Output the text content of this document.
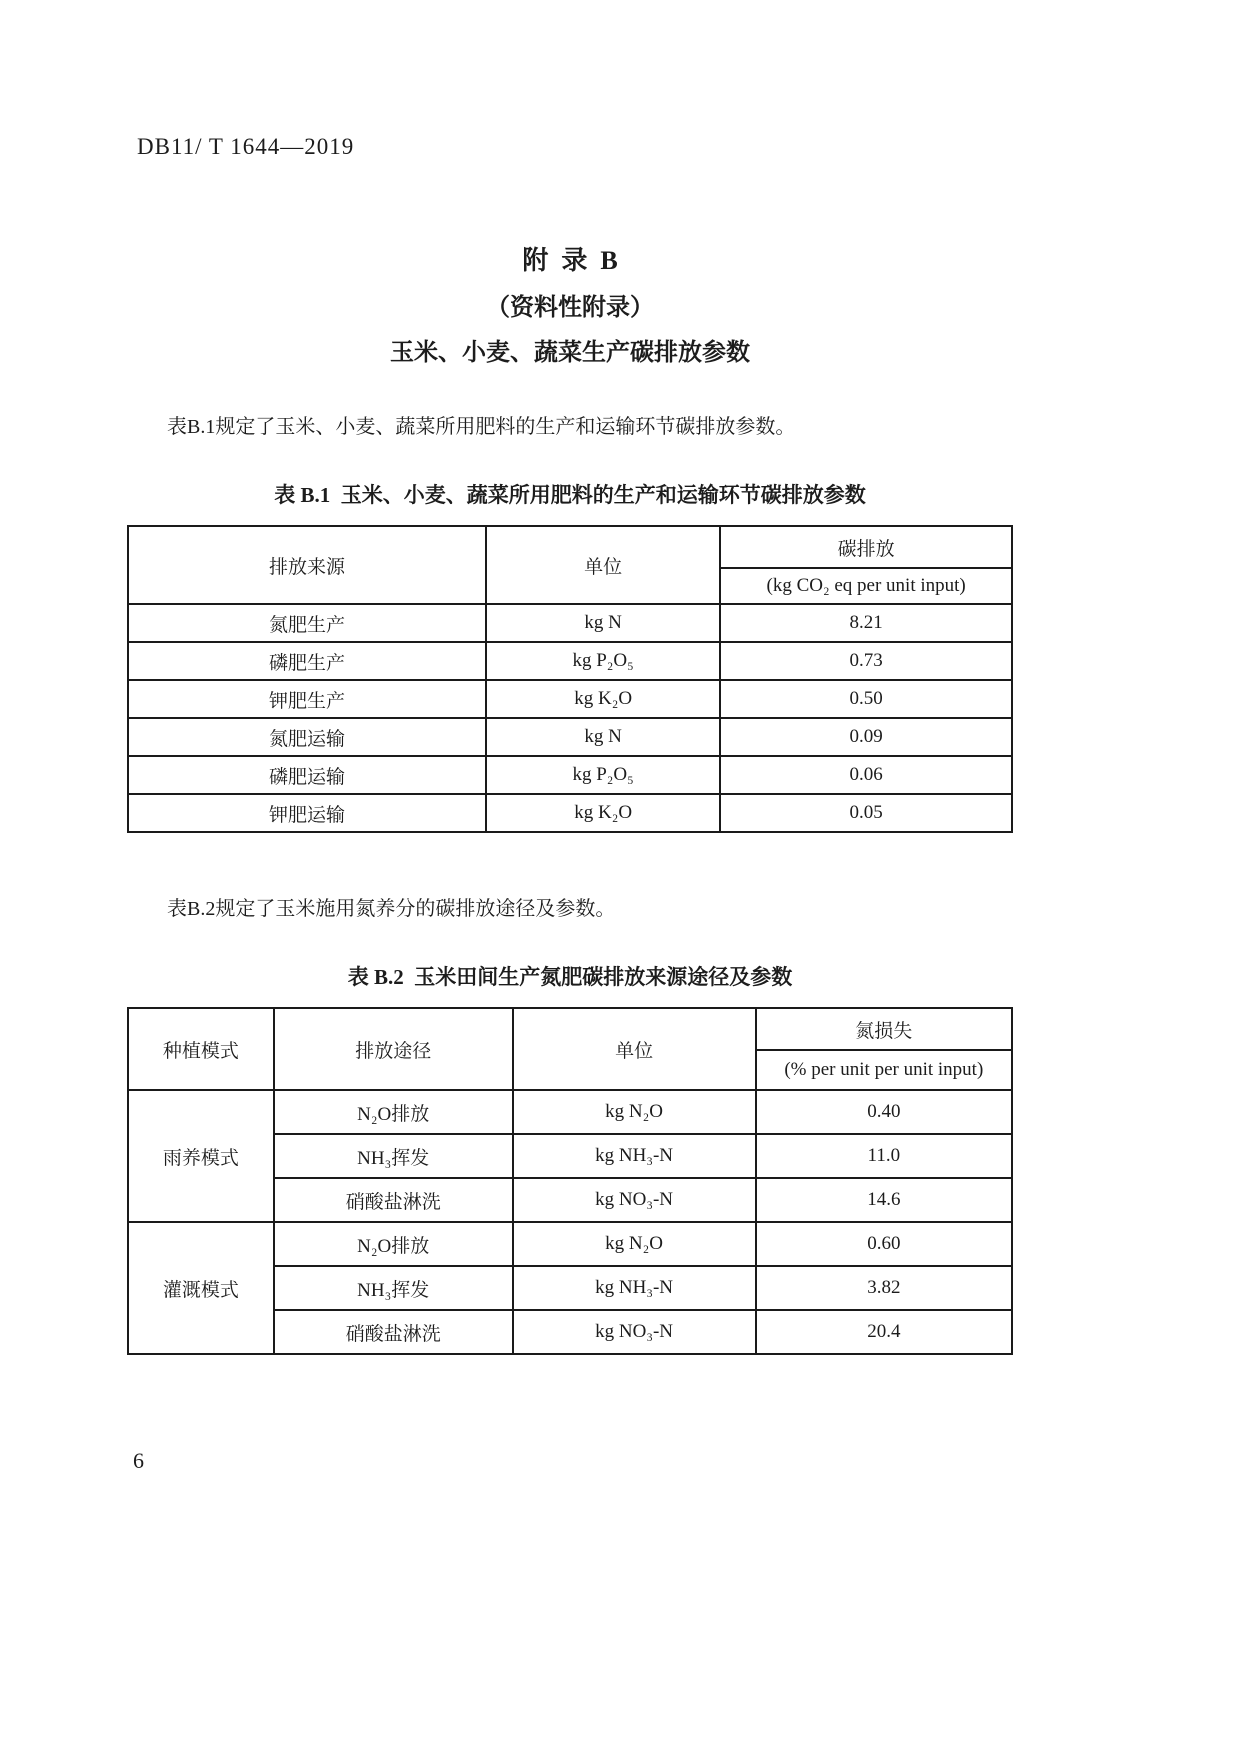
DB11/ T 1644—2019
附  录  B
（资料性附录）
玉米、小麦、蔬菜生产碳排放参数
表B.1规定了玉米、小麦、蔬菜所用肥料的生产和运输环节碳排放参数。
表 B.1  玉米、小麦、蔬菜所用肥料的生产和运输环节碳排放参数
排放来源	单位	碳排放
		(kg CO₂ eq per unit input)
氮肥生产	kg N	8.21
磷肥生产	kg P₂O₅	0.73
钾肥生产	kg K₂O	0.50
氮肥运输	kg N	0.09
磷肥运输	kg P₂O₅	0.06
钾肥运输	kg K₂O	0.05
表B.2规定了玉米施用氮养分的碳排放途径及参数。
表 B.2  玉米田间生产氮肥碳排放来源途径及参数
种植模式	排放途径	单位	氮损失
			(% per unit per unit input)
雨养模式	N₂O排放	kg N₂O	0.40
	NH₃挥发	kg NH₃-N	11.0
	硝酸盐淋洗	kg NO₃-N	14.6
灌溉模式	N₂O排放	kg N₂O	0.60
	NH₃挥发	kg NH₃-N	3.82
	硝酸盐淋洗	kg NO₃-N	20.4
6
